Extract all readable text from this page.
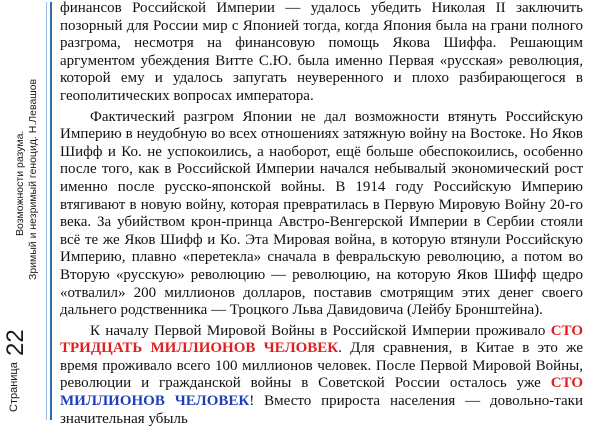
Возможности разума. Зримый и незримый геноцид. Н.Левашов
Страница
22

финансов Российской Империи — удалось убедить Николая II заключить позорный для России мир с Японией тогда, когда Япония была на грани полного разгрома, несмотря на финансовую помощь Якова Шиффа. Решающим аргументом убеждения Витте С.Ю. была именно Первая «русская» революция, которой ему и удалось запугать неуверенного и плохо разбирающегося в геополитических вопросах императора.

Фактический разгром Японии не дал возможности втянуть Российскую Империю в неудобную во всех отношениях затяжную войну на Востоке. Но Яков Шифф и Ко. не успокоились, а наоборот, ещё больше обеспокоились, особенно после того, как в Российской Империи начался небывалый экономический рост именно после русско-японской войны. В 1914 году Российскую Империю втягивают в новую войну, которая превратилась в Первую Мировую Войну 20-го века. За убийством крон-принца Австро-Венгерской Империи в Сербии стояли всё те же Яков Шифф и Ко. Эта Мировая война, в которую втянули Российскую Империю, плавно «перетекла» сначала в февральскую революцию, а потом во Вторую «русскую» революцию — революцию, на которую Яков Шифф щедро «отвалил» 200 миллионов долларов, поставив смотрящим этих денег своего дальнего родственника — Троцкого Льва Давидовича (Лейбу Бронштейна).

К началу Первой Мировой Войны в Российской Империи проживало СТО ТРИДЦАТЬ МИЛЛИОНОВ ЧЕЛОВЕК. Для сравнения, в Китае в это же время проживало всего 100 миллионов человек. После Первой Мировой Войны, революции и гражданской войны в Советской России осталось уже СТО МИЛЛИОНОВ ЧЕЛОВЕК! Вместо прироста населения — довольно-таки значительная убыль
